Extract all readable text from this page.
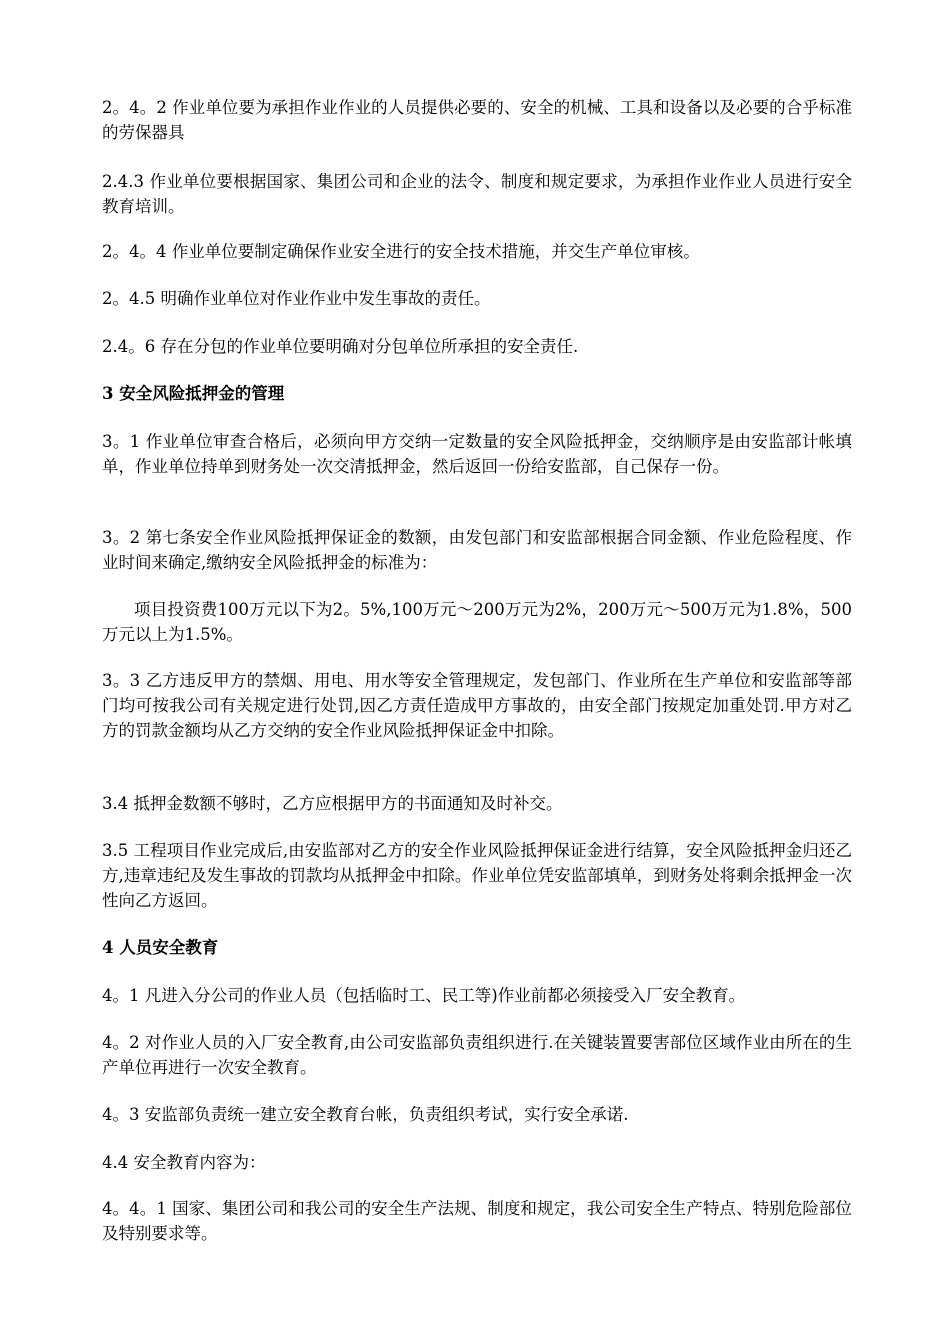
2。4。2 作业单位要为承担作业作业的人员提供必要的、安全的机械、工具和设备以及必要的合乎标准的劳保器具

2.4.3 作业单位要根据国家、集团公司和企业的法令、制度和规定要求，为承担作业作业人员进行安全教育培训。

2。4。4 作业单位要制定确保作业安全进行的安全技术措施，并交生产单位审核。

2。4.5 明确作业单位对作业作业中发生事故的责任。

2.4。6 存在分包的作业单位要明确对分包单位所承担的安全责任.

3 安全风险抵押金的管理

3。1 作业单位审查合格后，必须向甲方交纳一定数量的安全风险抵押金，交纳顺序是由安监部计帐填单，作业单位持单到财务处一次交清抵押金，然后返回一份给安监部，自己保存一份。

3。2 第七条安全作业风险抵押保证金的数额，由发包部门和安监部根据合同金额、作业危险程度、作业时间来确定,缴纳安全风险抵押金的标准为：

项目投资费100万元以下为2。5%,100万元～200万元为2%，200万元～500万元为1.8%，500万元以上为1.5%。

3。3 乙方违反甲方的禁烟、用电、用水等安全管理规定，发包部门、作业所在生产单位和安监部等部门均可按我公司有关规定进行处罚,因乙方责任造成甲方事故的，由安全部门按规定加重处罚.甲方对乙方的罚款金额均从乙方交纳的安全作业风险抵押保证金中扣除。

3.4 抵押金数额不够时，乙方应根据甲方的书面通知及时补交。

3.5 工程项目作业完成后,由安监部对乙方的安全作业风险抵押保证金进行结算，安全风险抵押金归还乙方,违章违纪及发生事故的罚款均从抵押金中扣除。作业单位凭安监部填单，到财务处将剩余抵押金一次性向乙方返回。

4 人员安全教育

4。1 凡进入分公司的作业人员（包括临时工、民工等)作业前都必须接受入厂安全教育。

4。2 对作业人员的入厂安全教育,由公司安监部负责组织进行.在关键装置要害部位区域作业由所在的生产单位再进行一次安全教育。

4。3 安监部负责统一建立安全教育台帐，负责组织考试，实行安全承诺.

4.4 安全教育内容为：

4。4。1 国家、集团公司和我公司的安全生产法规、制度和规定，我公司安全生产特点、特别危险部位及特别要求等。
